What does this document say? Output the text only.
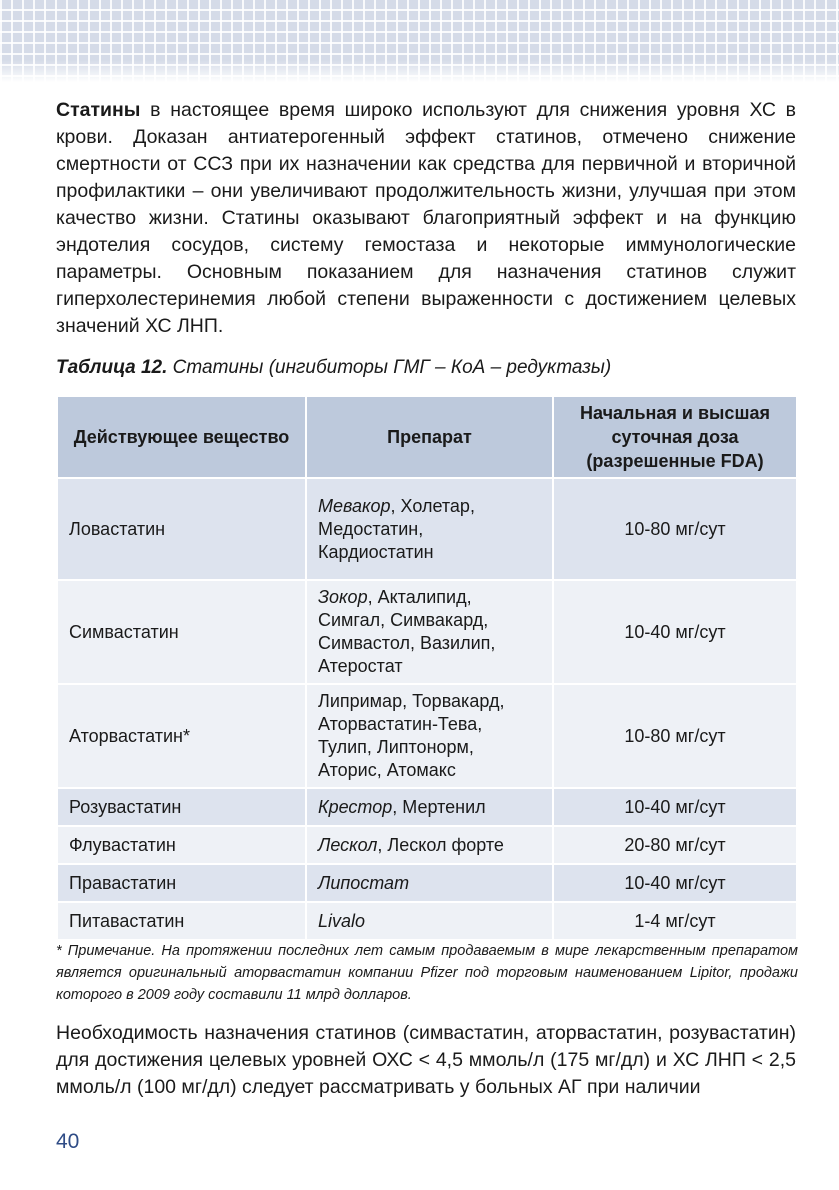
Статины в настоящее время широко используют для снижения уровня ХС в крови. Доказан антиатерогенный эффект статинов, отмечено снижение смертности от ССЗ при их назначении как средства для первичной и вторичной профилактики – они увеличивают продолжительность жизни, улучшая при этом качество жизни. Статины оказывают благоприятный эффект и на функцию эндотелия сосудов, систему гемостаза и некоторые иммунологические параметры. Основным показанием для назначения статинов служит гиперхолестеринемия любой степени выраженности с достижением целевых значений ХС ЛНП.

Таблица 12. Статины (ингибиторы ГМГ – КоА – редуктазы)

Действующее вещество	Препарат	Начальная и высшая суточная доза (разрешенные FDA)
Ловастатин	Мевакор, Холетар, Медостатин, Кардиостатин	10-80 мг/сут
Симвастатин	Зокор, Акталипид, Симгал, Симвакард, Симвастол, Вазилип, Атеростат	10-40 мг/сут
Аторвастатин*	Липримар, Торвакард, Аторвастатин-Тева, Тулип, Липтонорм, Аторис, Атомакс	10-80 мг/сут
Розувастатин	Крестор, Мертенил	10-40 мг/сут
Флувастатин	Лескол, Лескол форте	20-80 мг/сут
Правастатин	Липостат	10-40 мг/сут
Питавастатин	Livalo	1-4 мг/сут

* Примечание. На протяжении последних лет самым продаваемым в мире лекарственным препаратом является оригинальный аторвастатин компании Pfizer под торговым наименованием Lipitor, продажи которого в 2009 году составили 11 млрд долларов.

Необходимость назначения статинов (симвастатин, аторвастатин, розувастатин) для достижения целевых уровней ОХС < 4,5 ммоль/л (175 мг/дл) и ХС ЛНП < 2,5 ммоль/л (100 мг/дл) следует рассматривать у больных АГ при наличии

40
